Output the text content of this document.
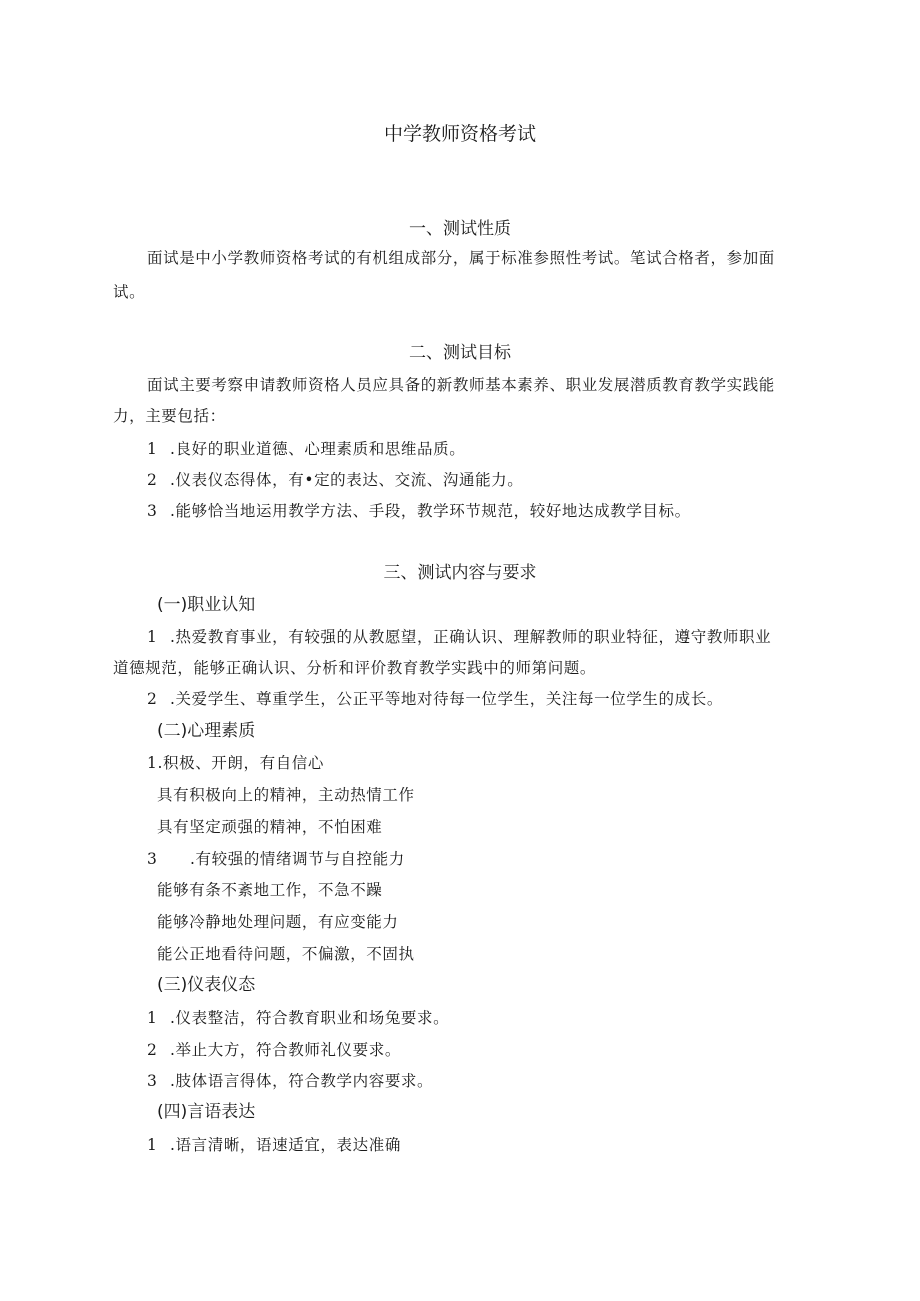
中学教师资格考试
一、测试性质
面试是中小学教师资格考试的有机组成部分，属于标准参照性考试。笔试合格者，参加面
试。
二、测试目标
面试主要考察申请教师资格人员应具备的新教师基本素养、职业发展潜质教育教学实践能
力，主要包括：
1 .良好的职业道德、心理素质和思维品质。
2 .仪表仪态得体，有•定的表达、交流、沟通能力。
3 .能够恰当地运用教学方法、手段，教学环节规范，较好地达成教学目标。
三、测试内容与要求
(一)职业认知
1 .热爱教育事业，有较强的从教愿望，正确认识、理解教师的职业特征，遵守教师职业
道德规范，能够正确认识、分析和评价教育教学实践中的师第问题。
2 .关爱学生、尊重学生，公正平等地对待每一位学生，关注每一位学生的成长。
(二)心理素质
1.积极、开朗，有自信心
具有积极向上的精神，主动热情工作
具有坚定顽强的精神，不怕困难
3 .有较强的情绪调节与自控能力
能够有条不紊地工作，不急不躁
能够冷静地处理问题，有应变能力
能公正地看待问题，不偏激，不固执
(三)仪表仪态
1 .仪表整洁，符合教育职业和场兔要求。
2 .举止大方，符合教师礼仪要求。
3 .肢体语言得体，符合教学内容要求。
(四)言语表达
1 .语言清晰，语速适宜，表达准确
